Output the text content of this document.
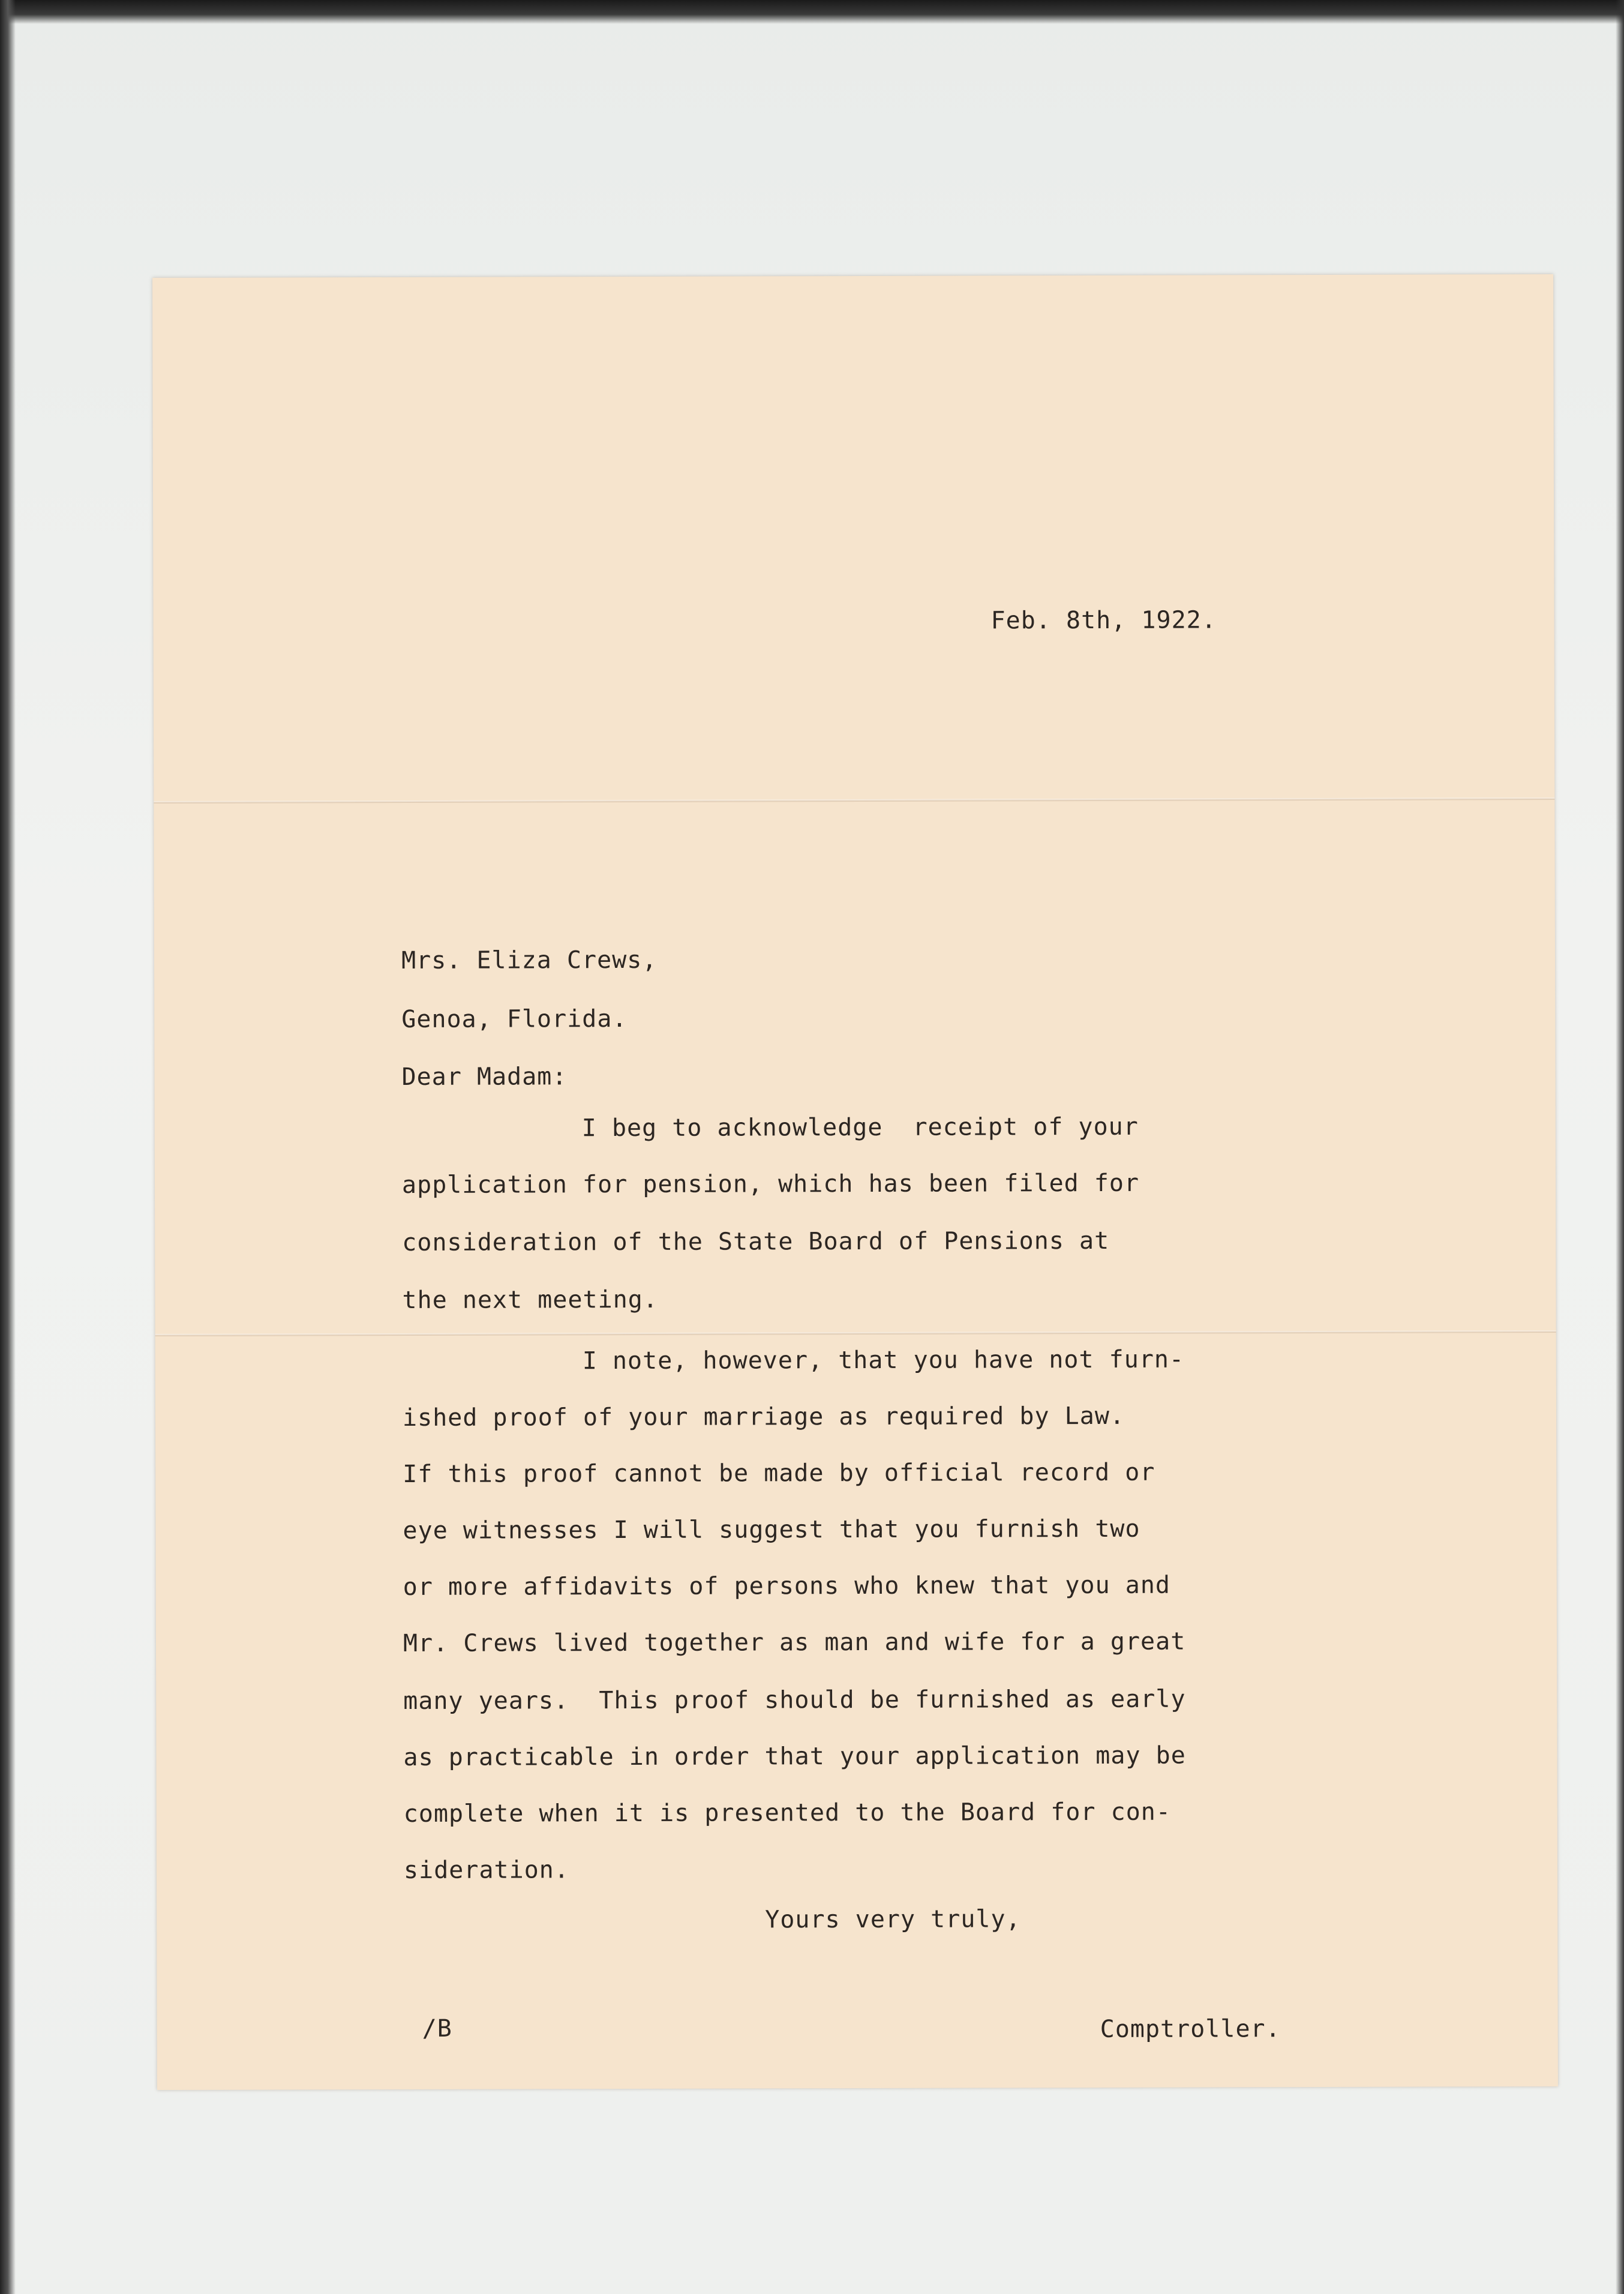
Feb. 8th, 1922.

Mrs. Eliza Crews,

Genoa, Florida.

Dear Madam:

I beg to acknowledge  receipt of your

application for pension, which has been filed for

consideration of the State Board of Pensions at

the next meeting.

I note, however, that you have not furn-

ished proof of your marriage as required by Law.

If this proof cannot be made by official record or

eye witnesses I will suggest that you furnish two

or more affidavits of persons who knew that you and

Mr. Crews lived together as man and wife for a great

many years.  This proof should be furnished as early

as practicable in order that your application may be

complete when it is presented to the Board for con-

sideration.

Yours very truly,

/B	Comptroller.
